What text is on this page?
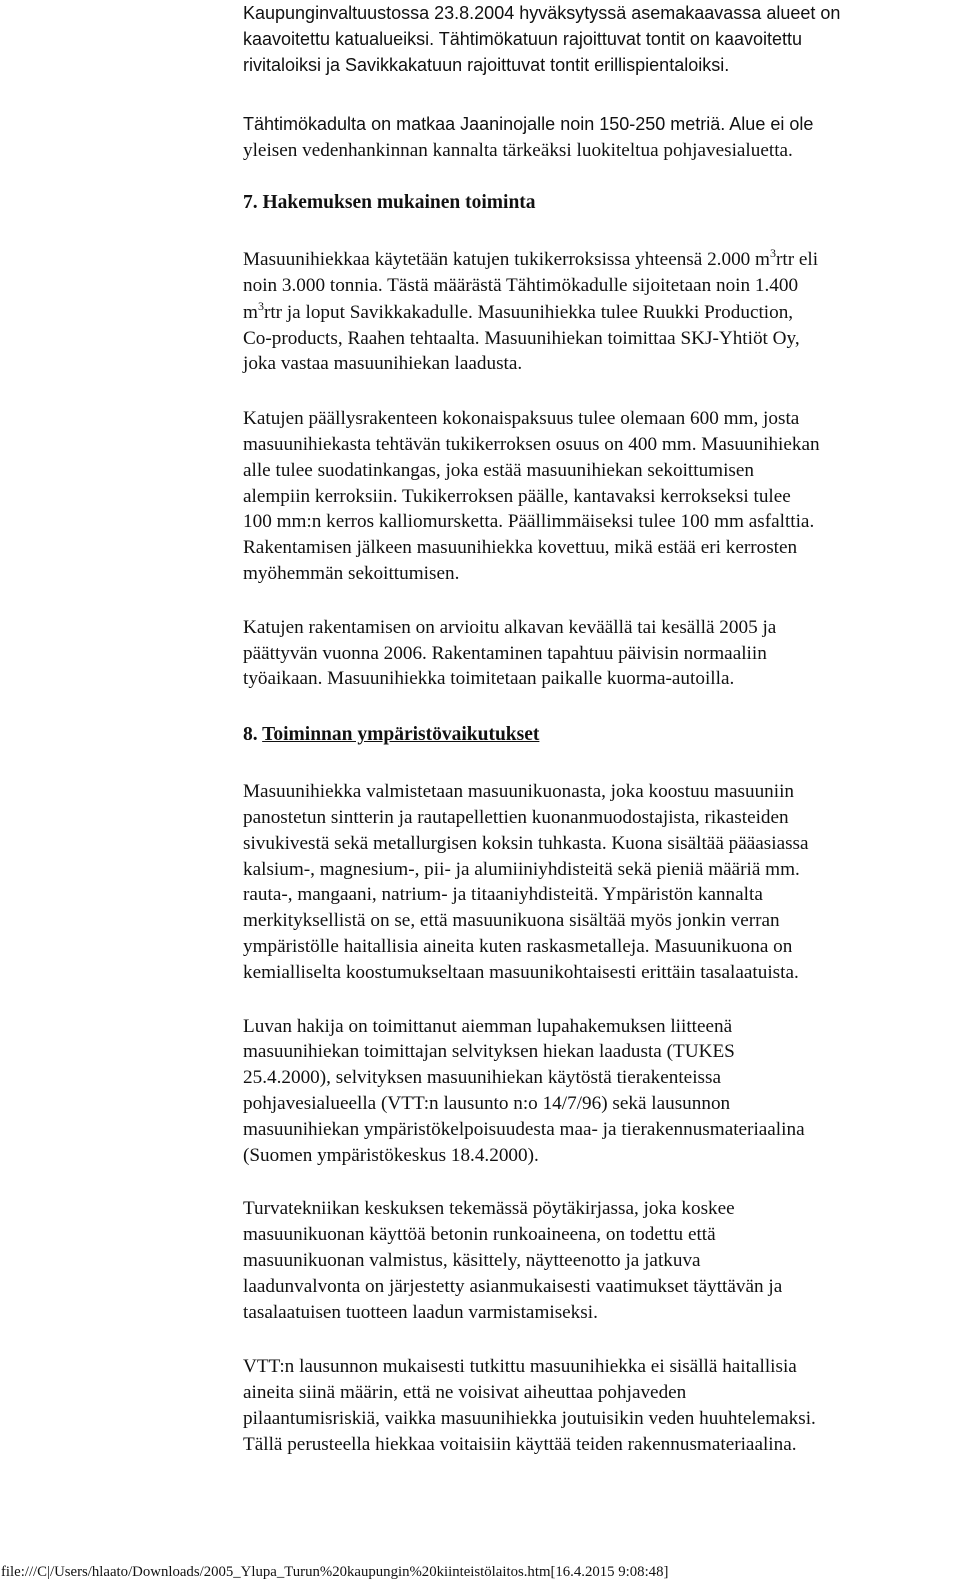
Kaupunginvaltuustossa 23.8.2004 hyväksytyssä asemakaavassa alueet on
kaavoitettu katualueiksi. Tähtimökatuun rajoittuvat tontit on kaavoitettu
rivitaloiksi ja Savikkakatuun rajoittuvat tontit erillispientaloiksi.
Tähtimökadulta on matkaa Jaaninojalle noin 150-250 metriä. Alue ei ole
yleisen vedenhankinnan kannalta tärkeäksi luokiteltua pohjavesialuetta.
7. Hakemuksen mukainen toiminta
Masuunihiekkaa käytetään katujen tukikerroksissa yhteensä 2.000 $m^3rtr$ eli
noin 3.000 tonnia. Tästä määrästä Tähtimökadulle sijoitetaan noin 1.400
$m^3rtr$ ja loput Savikkakadulle. Masuunihiekka tulee Ruukki Production,
Co-products, Raahen tehtaalta. Masuunihiekan toimittaa SKJ-Yhtiöt Oy,
joka vastaa masuunihiekan laadusta.
Katujen päällysrakenteen kokonaispaksuus tulee olemaan 600 mm, josta
masuunihiekasta tehtävän tukikerroksen osuus on 400 mm. Masuunihiekan
alle tulee suodatinkangas, joka estää masuunihiekan sekoittumisen
alempiin kerroksiin. Tukikerroksen päälle, kantavaksi kerrokseksi tulee
100 mm:n kerros kalliomursketta. Päällimmäiseksi tulee 100 mm asfalttia.
Rakentamisen jälkeen masuunihiekka kovettuu, mikä estää eri kerrosten
myöhemmän sekoittumisen.
Katujen rakentamisen on arvioitu alkavan keväällä tai kesällä 2005 ja
päättyvän vuonna 2006. Rakentaminen tapahtuu päivisin normaaliin
työaikaan. Masuunihiekka toimitetaan paikalle kuorma-autoilla.
8. Toiminnan ympäristövaikutukset
Masuunihiekka valmistetaan masuunikuonasta, joka koostuu masuuniin
panostetun sintterin ja rautapellettien kuonanmuodostajista, rikasteiden
sivukivestä sekä metallurgisen koksin tuhkasta. Kuona sisältää pääasiassa
kalsium-, magnesium-, pii- ja alumiiniyhdisteitä sekä pieniä määriä mm.
rauta-, mangaani, natrium- ja titaaniyhdisteitä. Ympäristön kannalta
merkityksellistä on se, että masuunikuona sisältää myös jonkin verran
ympäristölle haitallisia aineita kuten raskasmetalleja. Masuunikuona on
kemialliselta koostumukseltaan masuunikohtaisesti erittäin tasalaatuista.
Luvan hakija on toimittanut aiemman lupahakemuksen liitteenä
masuunihiekan toimittajan selvityksen hiekan laadusta (TUKES
25.4.2000), selvityksen masuunihiekan käytöstä tierakenteissa
pohjavesialueella (VTT:n lausunto n:o 14/7/96) sekä lausunnon
masuunihiekan ympäristökelpoisuudesta maa- ja tierakennusmateriaalina
(Suomen ympäristökeskus 18.4.2000).
Turvatekniikan keskuksen tekemässä pöytäkirjassa, joka koskee
masuunikuonan käyttöä betonin runkoaineena, on todettu että
masuunikuonan valmistus, käsittely, näytteenotto ja jatkuva
laadunvalvonta on järjestetty asianmukaisesti vaatimukset täyttävän ja
tasalaatuisen tuotteen laadun varmistamiseksi.
VTT:n lausunnon mukaisesti tutkittu masuunihiekka ei sisällä haitallisia
aineita siinä määrin, että ne voisivat aiheuttaa pohjaveden
pilaantumisriskiä, vaikka masuunihiekka joutuisikin veden huuhtelemaksi.
Tällä perusteella hiekkaa voitaisiin käyttää teiden rakennusmateriaalina.
file:///C|/Users/hlaato/Downloads/2005_Ylupa_Turun%20kaupungin%20kiinteistölaitos.htm[16.4.2015 9:08:48]
